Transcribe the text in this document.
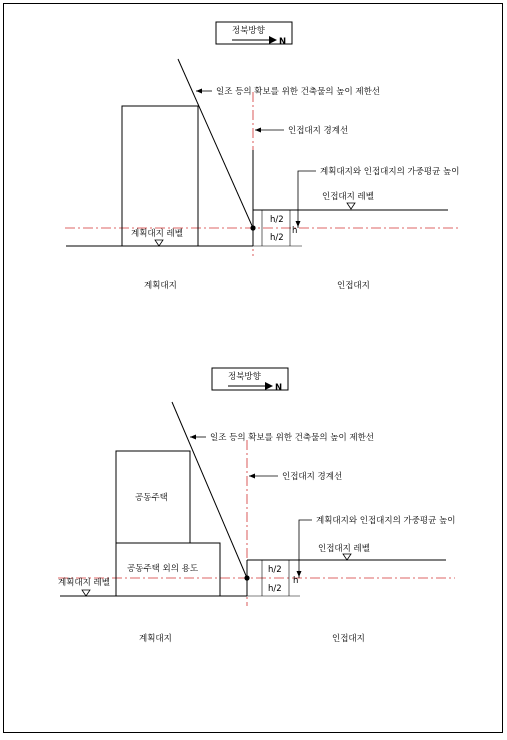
정북방향
N
일조 등의 확보를 위한 건축물의 높이 제한선
인접대지 경계선
계획대지와 인접대지의 가중평균 높이
인접대지 레벨
계획대지 레벨
h/2
h/2
h
계획대지	인접대지
정북방향
N
공동주택
공동주택 외의 용도
일조 등의 확보를 위한 건축물의 높이 제한선
인접대지 경계선
계획대지와 인접대지의 가중평균 높이
인접대지 레벨
계획대지 레벨
h/2
h/2
h
계획대지	인접대지
